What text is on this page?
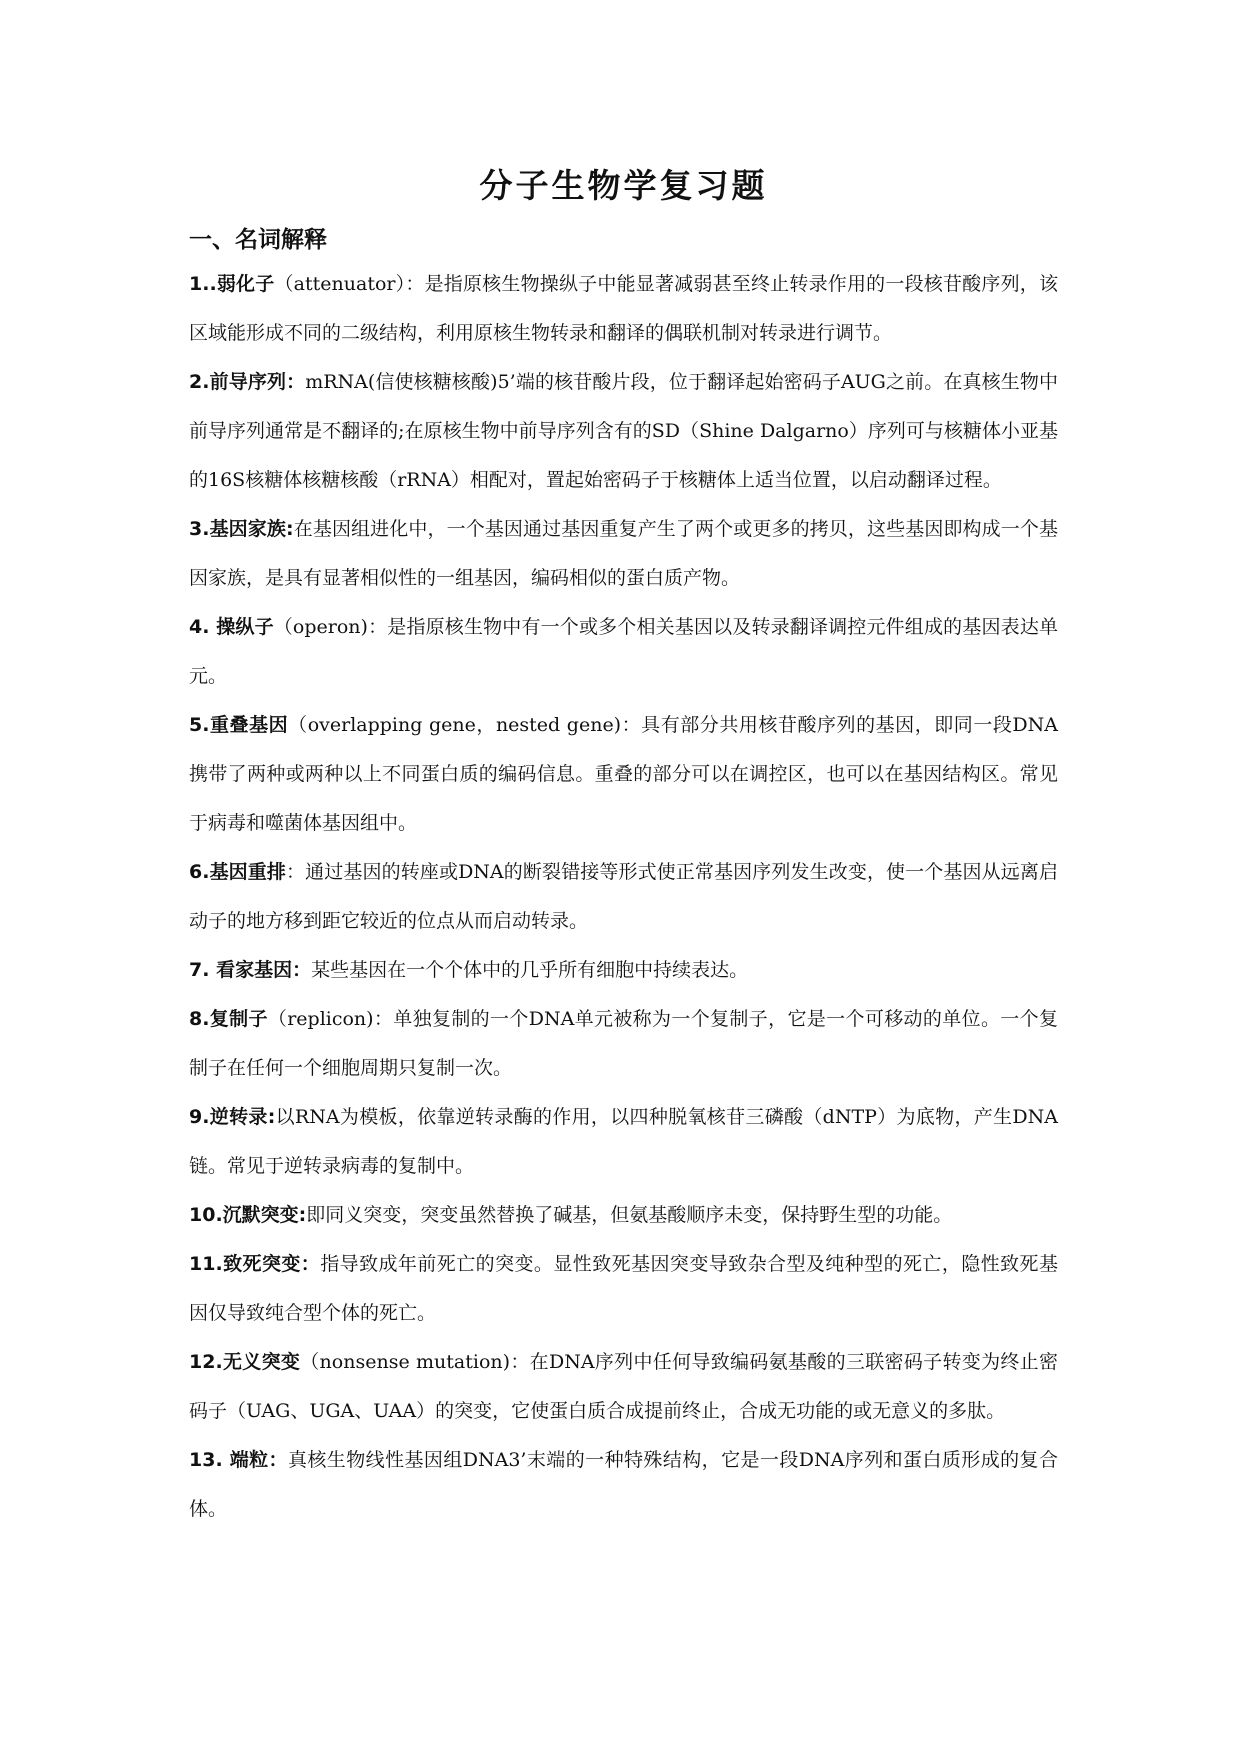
分子生物学复习题
一、名词解释

1..弱化子（attenuator）：是指原核生物操纵子中能显著减弱甚至终止转录作用的一段核苷酸序列，该区域能形成不同的二级结构，利用原核生物转录和翻译的偶联机制对转录进行调节。

2.前导序列：mRNA(信使核糖核酸)5’端的核苷酸片段，位于翻译起始密码子AUG之前。在真核生物中前导序列通常是不翻译的;在原核生物中前导序列含有的SD（Shine Dalgarno）序列可与核糖体小亚基的16S核糖体核糖核酸（rRNA）相配对，置起始密码子于核糖体上适当位置，以启动翻译过程。

3.基因家族:在基因组进化中，一个基因通过基因重复产生了两个或更多的拷贝，这些基因即构成一个基因家族，是具有显著相似性的一组基因，编码相似的蛋白质产物。

4. 操纵子（operon)：是指原核生物中有一个或多个相关基因以及转录翻译调控元件组成的基因表达单元。

5.重叠基因（overlapping gene，nested gene)：具有部分共用核苷酸序列的基因，即同一段DNA携带了两种或两种以上不同蛋白质的编码信息。重叠的部分可以在调控区，也可以在基因结构区。常见于病毒和噬菌体基因组中。

6.基因重排：通过基因的转座或DNA的断裂错接等形式使正常基因序列发生改变，使一个基因从远离启动子的地方移到距它较近的位点从而启动转录。

7. 看家基因：某些基因在一个个体中的几乎所有细胞中持续表达。

8.复制子（replicon)：单独复制的一个DNA单元被称为一个复制子，它是一个可移动的单位。一个复制子在任何一个细胞周期只复制一次。

9.逆转录:以RNA为模板，依靠逆转录酶的作用，以四种脱氧核苷三磷酸（dNTP）为底物，产生DNA链。常见于逆转录病毒的复制中。

10.沉默突变:即同义突变，突变虽然替换了碱基，但氨基酸顺序未变，保持野生型的功能。

11.致死突变：指导致成年前死亡的突变。显性致死基因突变导致杂合型及纯种型的死亡，隐性致死基因仅导致纯合型个体的死亡。

12.无义突变（nonsense mutation)：在DNA序列中任何导致编码氨基酸的三联密码子转变为终止密码子（UAG、UGA、UAA）的突变，它使蛋白质合成提前终止，合成无功能的或无意义的多肽。

13. 端粒：真核生物线性基因组DNA3’末端的一种特殊结构，它是一段DNA序列和蛋白质形成的复合体。
